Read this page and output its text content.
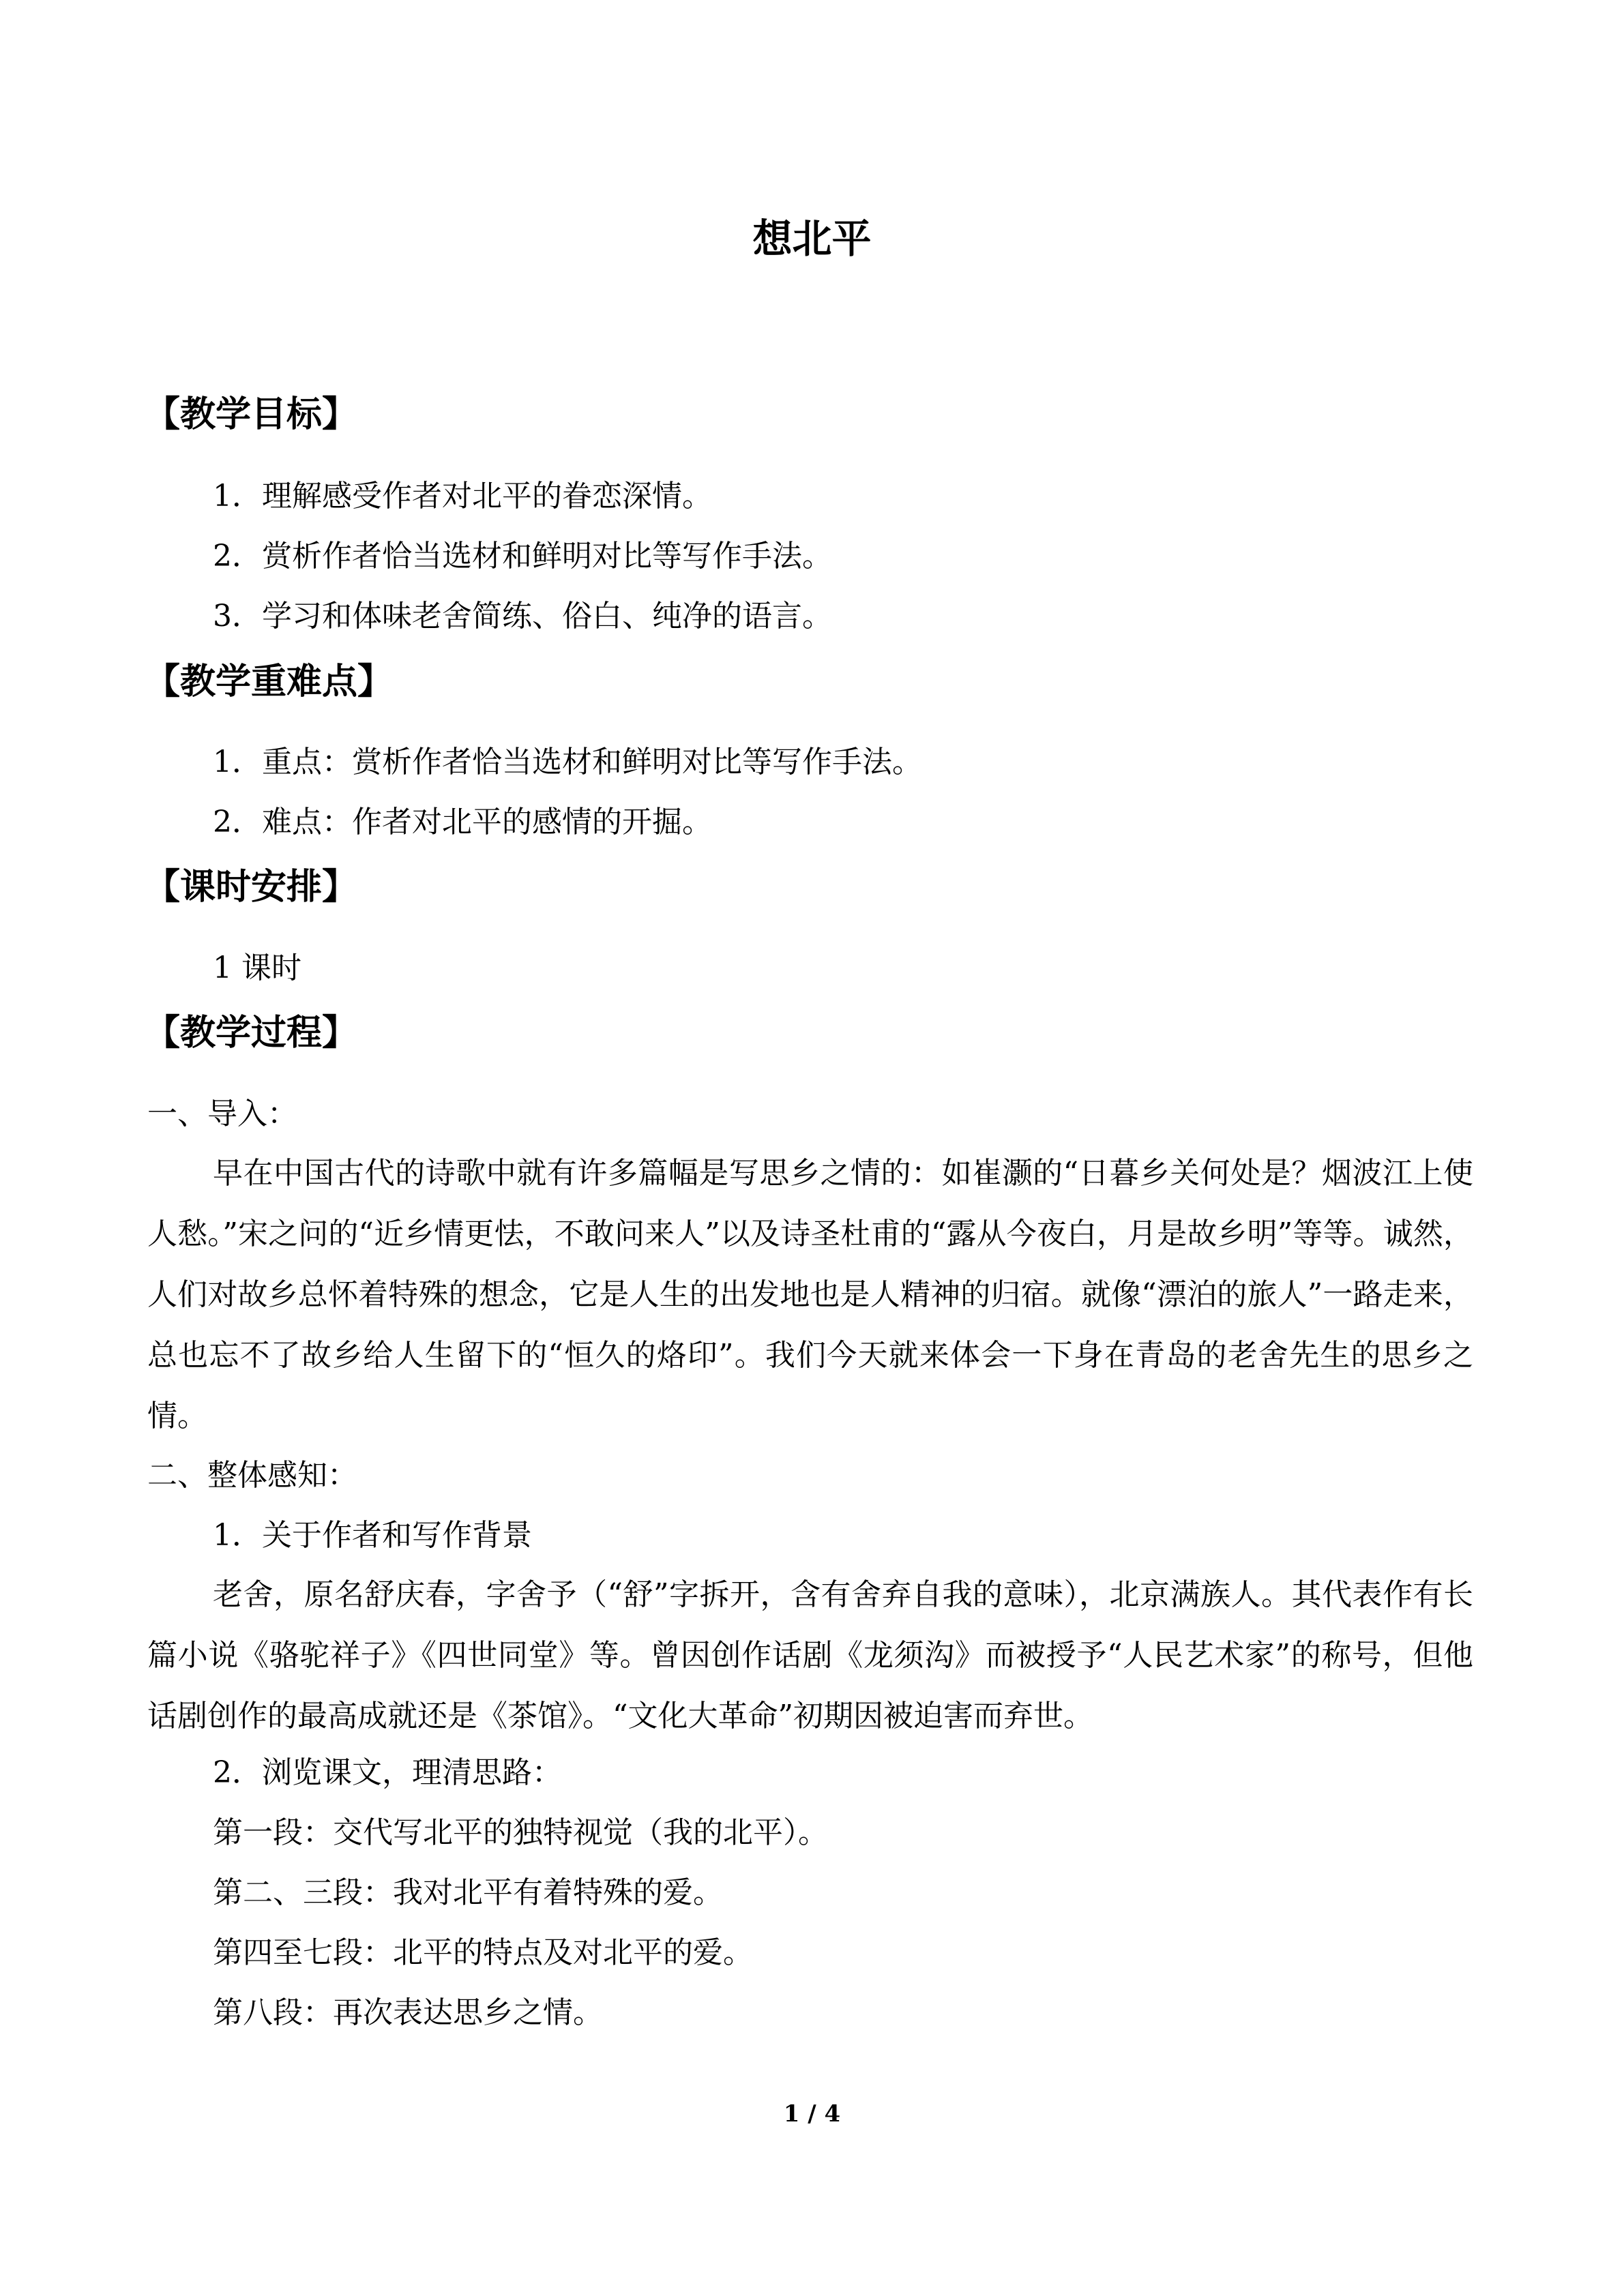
想北平
【教学目标】
1．理解感受作者对北平的眷恋深情。
2．赏析作者恰当选材和鲜明对比等写作手法。
3．学习和体味老舍简练、俗白、纯净的语言。
【教学重难点】
1．重点：赏析作者恰当选材和鲜明对比等写作手法。
2．难点：作者对北平的感情的开掘。
【课时安排】
1 课时
【教学过程】
一、导入：
早在中国古代的诗歌中就有许多篇幅是写思乡之情的：如崔灏的“日暮乡关何处是？烟波江上使人愁。”宋之问的“近乡情更怯，不敢问来人”以及诗圣杜甫的“露从今夜白，月是故乡明”等等。诚然，人们对故乡总怀着特殊的想念，它是人生的出发地也是人精神的归宿。就像“漂泊的旅人”一路走来，总也忘不了故乡给人生留下的“恒久的烙印”。我们今天就来体会一下身在青岛的老舍先生的思乡之情。
二、整体感知：
1．关于作者和写作背景
老舍，原名舒庆春，字舍予（“舒”字拆开，含有舍弃自我的意味），北京满族人。其代表作有长篇小说《骆驼祥子》《四世同堂》等。曾因创作话剧《龙须沟》而被授予“人民艺术家”的称号，但他话剧创作的最高成就还是《茶馆》。“文化大革命”初期因被迫害而弃世。
2．浏览课文，理清思路：
第一段：交代写北平的独特视觉（我的北平）。
第二、三段：我对北平有着特殊的爱。
第四至七段：北平的特点及对北平的爱。
第八段：再次表达思乡之情。
1 / 4
